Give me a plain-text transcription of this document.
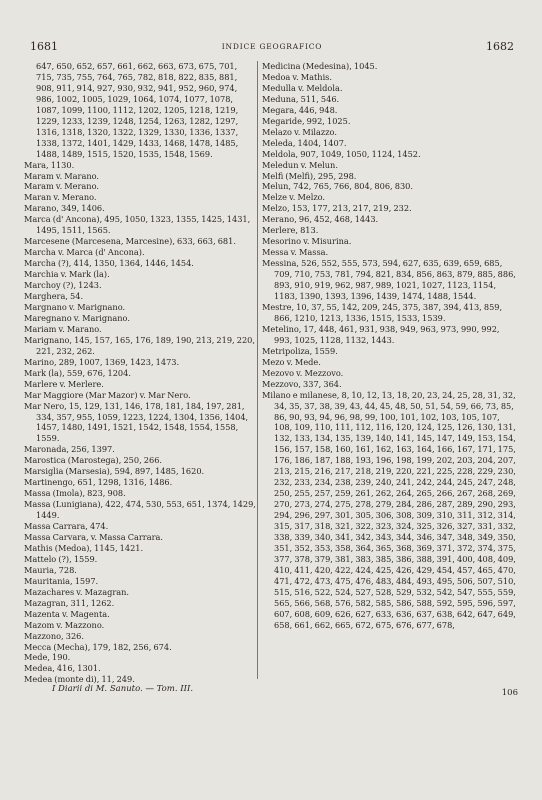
1681	INDICE GEOGRAFICO	1682

647, 650, 652, 657, 661, 662, 663, 673, 675, 701, 715, 735, 755, 764, 765, 782, 818, 822, 835, 881, 908, 911, 914, 927, 930, 932, 941, 952, 960, 974, 986, 1002, 1005, 1029, 1064, 1074, 1077, 1078, 1087, 1099, 1100, 1112, 1202, 1205, 1218, 1219, 1229, 1233, 1239, 1248, 1254, 1263, 1282, 1297, 1316, 1318, 1320, 1322, 1329, 1330, 1336, 1337, 1338, 1372, 1401, 1429, 1433, 1468, 1478, 1485, 1488, 1489, 1515, 1520, 1535, 1548, 1569.

Mara, 1130.

Maram v. Marano.

Maram v. Merano.

Maran v. Merano.

Marano, 349, 1406.

Marca (d' Ancona), 495, 1050, 1323, 1355, 1425, 1431, 1495, 1511, 1565.

Marcesene (Marcesena, Marcesine), 633, 663, 681.

Marcha v. Marca (d' Ancona).

Marcha (?), 414, 1350, 1364, 1446, 1454.

Marchia v. Mark (la).

Marchoy (?), 1243.

Marghera, 54.

Margnano v. Marignano.

Maregnano v. Marignano.

Mariam v. Marano.

Marignano, 145, 157, 165, 176, 189, 190, 213, 219, 220, 221, 232, 262.

Marino, 289, 1007, 1369, 1423, 1473.

Mark (la), 559, 676, 1204.

Marlere v. Merlere.

Mar Maggiore (Mar Mazor) v. Mar Nero.

Mar Nero, 15, 129, 131, 146, 178, 181, 184, 197, 281, 334, 357, 955, 1059, 1223, 1224, 1304, 1356, 1404, 1457, 1480, 1491, 1521, 1542, 1548, 1554, 1558, 1559.

Maronada, 256, 1397.

Marostica (Marostega), 250, 266.

Marsiglia (Marsesia), 594, 897, 1485, 1620.

Martinengo, 651, 1298, 1316, 1486.

Massa (Imola), 823, 908.

Massa (Lunigiana), 422, 474, 530, 553, 651, 1374, 1429, 1449.

Massa Carrara, 474.

Massa Carvara, v. Massa Carrara.

Mathis (Medoa), 1145, 1421.

Mattelo (?), 1559.

Mauria, 728.

Mauritania, 1597.

Mazachares v. Mazagran.

Mazagran, 311, 1262.

Mazenta v. Magenta.

Mazom v. Mazzono.

Mazzono, 326.

Mecca (Mecha), 179, 182, 256, 674.

Mede, 190.

Medea, 416, 1301.

Medea (monte di), 11, 249.

Medicina (Medesina), 1045.

Medoa v. Mathis.

Medulla v. Meldola.

Meduna, 511, 546.

Megara, 446, 948.

Megaride, 992, 1025.

Melazo v. Milazzo.

Meleda, 1404, 1407.

Meldola, 907, 1049, 1050, 1124, 1452.

Meledun v. Melun.

Melfi (Melfi), 295, 298.

Melun, 742, 765, 766, 804, 806, 830.

Melze v. Melzo.

Melzo, 153, 177, 213, 217, 219, 232.

Merano, 96, 452, 468, 1443.

Merlere, 813.

Mesorino v. Misurina.

Messa v. Massa.

Messina, 526, 552, 555, 573, 594, 627, 635, 639, 659, 685, 709, 710, 753, 781, 794, 821, 834, 856, 863, 879, 885, 886, 893, 910, 919, 962, 987, 989, 1021, 1027, 1123, 1154, 1183, 1390, 1393, 1396, 1439, 1474, 1488, 1544.

Mestre, 10, 37, 55, 142, 209, 245, 375, 387, 394, 413, 859, 866, 1210, 1213, 1336, 1515, 1533, 1539.

Metelino, 17, 448, 461, 931, 938, 949, 963, 973, 990, 992, 993, 1025, 1128, 1132, 1443.

Metripoliza, 1559.

Mezo v. Mede.

Mezovo v. Mezzovo.

Mezzovo, 337, 364.

Milano e milanese, 8, 10, 12, 13, 18, 20, 23, 24, 25, 28, 31, 32, 34, 35, 37, 38, 39, 43, 44, 45, 48, 50, 51, 54, 59, 66, 73, 85, 86, 90, 93, 94, 96, 98, 99, 100, 101, 102, 103, 105, 107, 108, 109, 110, 111, 112, 116, 120, 124, 125, 126, 130, 131, 132, 133, 134, 135, 139, 140, 141, 145, 147, 149, 153, 154, 156, 157, 158, 160, 161, 162, 163, 164, 166, 167, 171, 175, 176, 186, 187, 188, 193, 196, 198, 199, 202, 203, 204, 207, 213, 215, 216, 217, 218, 219, 220, 221, 225, 228, 229, 230, 232, 233, 234, 238, 239, 240, 241, 242, 244, 245, 247, 248, 250, 255, 257, 259, 261, 262, 264, 265, 266, 267, 268, 269, 270, 273, 274, 275, 278, 279, 284, 286, 287, 289, 290, 293, 294, 296, 297, 301, 305, 306, 308, 309, 310, 311, 312, 314, 315, 317, 318, 321, 322, 323, 324, 325, 326, 327, 331, 332, 338, 339, 340, 341, 342, 343, 344, 346, 347, 348, 349, 350, 351, 352, 353, 358, 364, 365, 368, 369, 371, 372, 374, 375, 377, 378, 379, 381, 383, 385, 386, 388, 391, 400, 408, 409, 410, 411, 420, 422, 424, 425, 426, 429, 454, 457, 465, 470, 471, 472, 473, 475, 476, 483, 484, 493, 495, 506, 507, 510, 515, 516, 522, 524, 527, 528, 529, 532, 542, 547, 555, 559, 565, 566, 568, 576, 582, 585, 586, 588, 592, 595, 596, 597, 607, 608, 609, 626, 627, 633, 636, 637, 638, 642, 647, 649, 658, 661, 662, 665, 672, 675, 676, 677, 678,

I Diarii di M. Sanuto. — Tom. III.	106
